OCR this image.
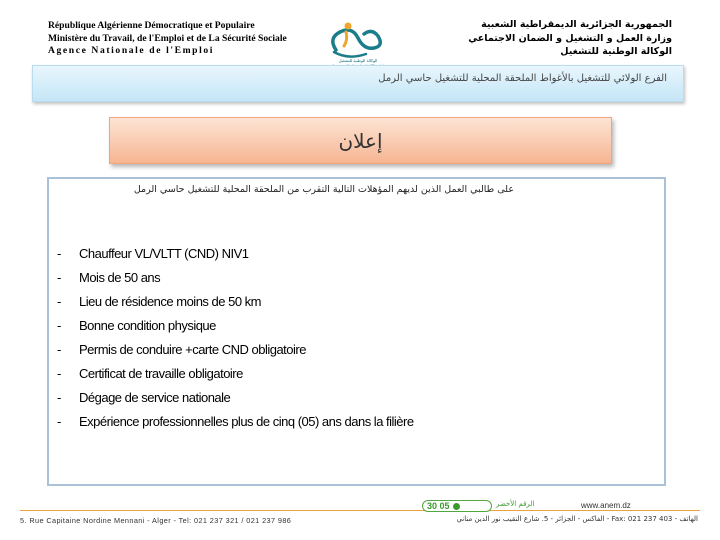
République Algérienne Démocratique et Populaire
Ministère du Travail, de l'Emploi et de La Sécurité Sociale
Agence Nationale de l'Emploi
الوكالة الوطنية للتشغيل
الجمهورية الجزائرية الديمقراطية الشعبية
وزارة العمل و التشغيل و الضمان الاجتماعي
الوكالة الوطنية للتشغيل
الفرع الولائي للتشغيل بالأغواط الملحقة المحلية للتشغيل حاسي الرمل
إعلان
على طالبي العمل الذين لديهم المؤهلات التالية التقرب من الملحقة المحلية للتشغيل حاسي الرمل
- Chauffeur VL/VLTT (CND) NIV1
- Mois de 50 ans
- Lieu de résidence moins de 50 km
- Bonne condition physique
- Permis de conduire +carte CND obligatoire
- Certificat de travaille obligatoire
- Dégage de service nationale
- Expérience professionnelles plus de cinq (05) ans dans la filière
30 05	الرقم الأخضر	www.anem.dz
5. Rue Capitaine Nordine Mennani - Alger - Tel: 021 237 321 / 021 237 986	الهاتف - Fax: 021 237 403 - الفاكس - الجزائر - 5. شارع النقيب نور الدين مناني
